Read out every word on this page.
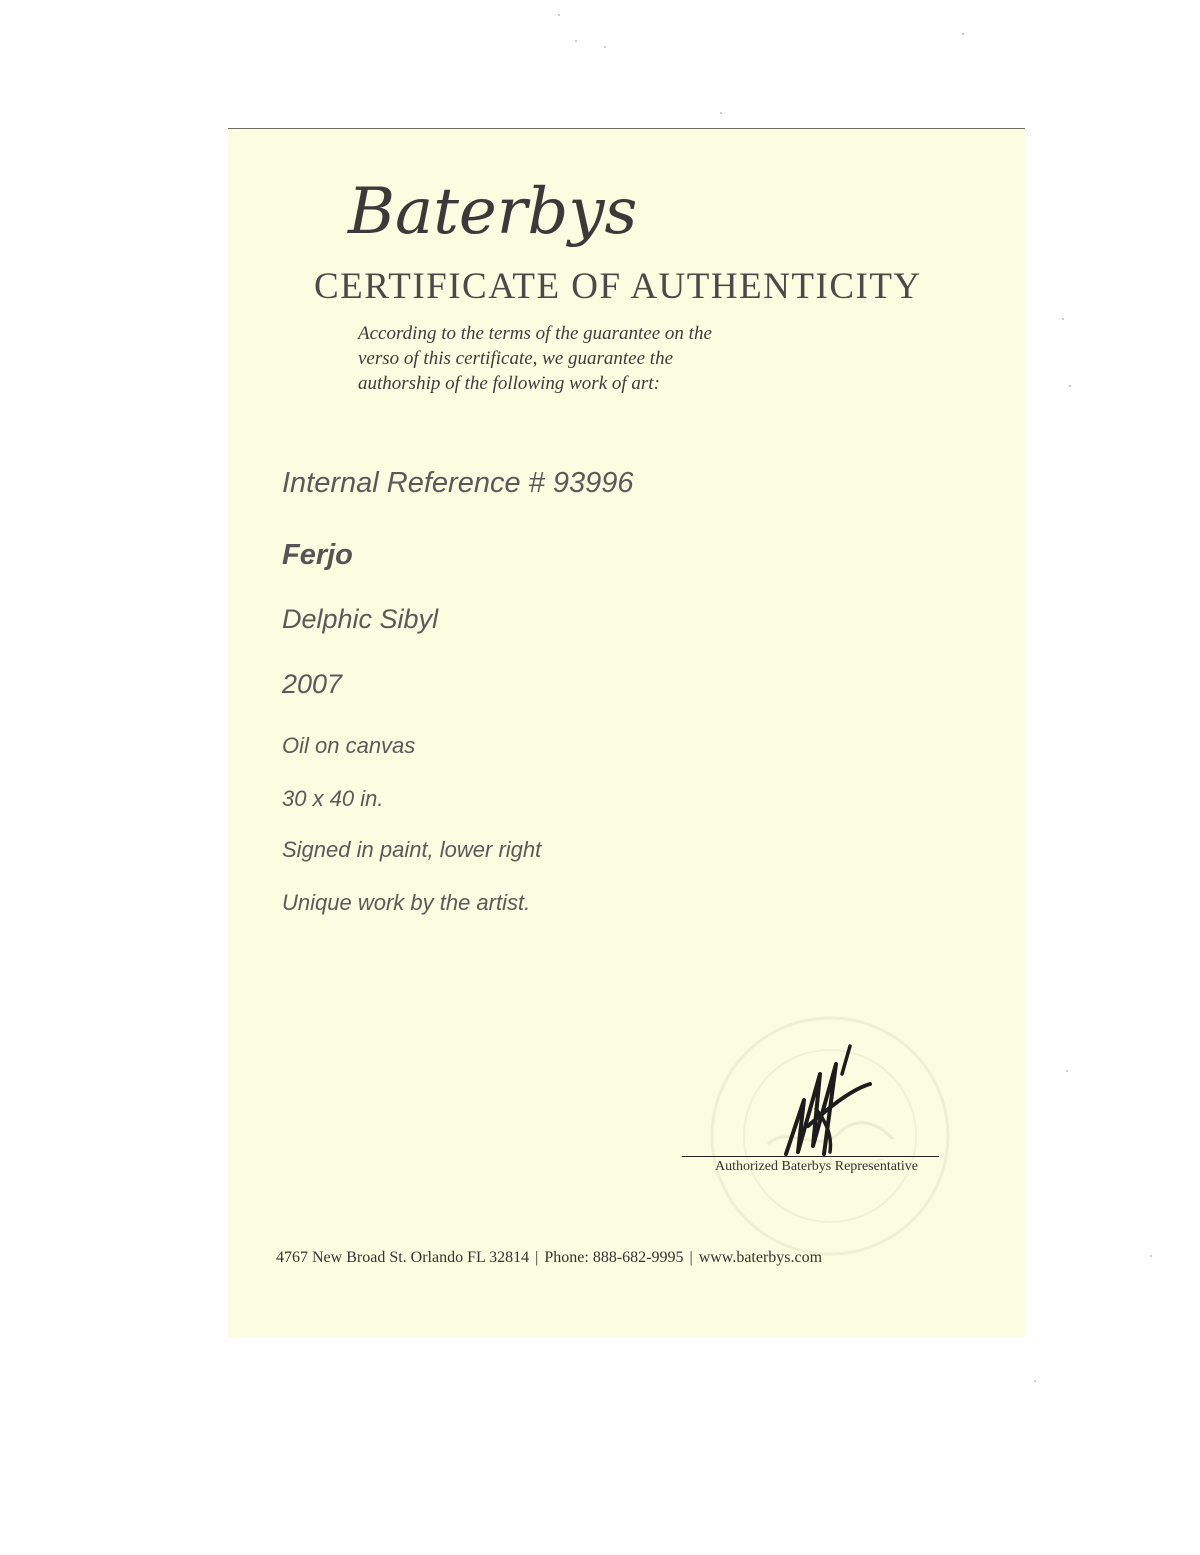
Baterbys
CERTIFICATE OF AUTHENTICITY
According to the terms of the guarantee on the
verso of this certificate, we guarantee the
authorship of the following work of art:
Internal Reference # 93996
Ferjo
Delphic Sibyl
2007
Oil on canvas
30 x 40 in.
Signed in paint, lower right
Unique work by the artist.
Authorized Baterbys Representative
4767 New Broad St. Orlando FL 32814 | Phone: 888-682-9995 | www.baterbys.com
